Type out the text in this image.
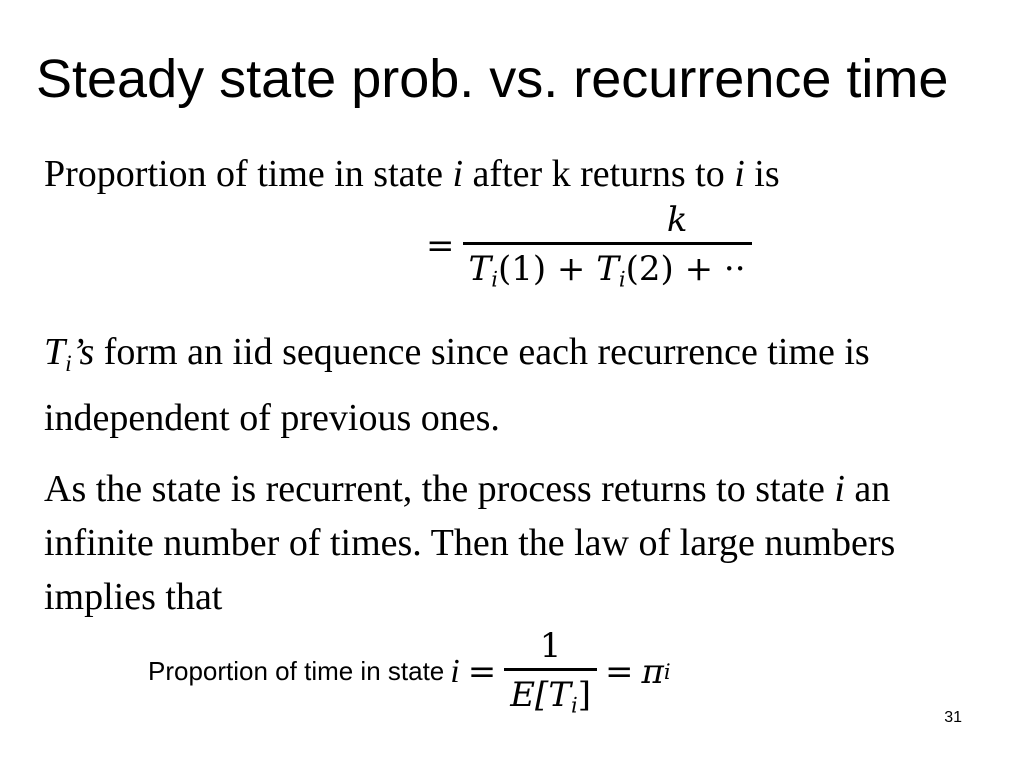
Steady state prob. vs. recurrence time

Proportion of time in state i after k returns to i is

= $\frac{k}{T_i(1) + T_i(2) + \cdot\cdot}$

$T_i’s$ form an iid sequence since each recurrence time is independent of previous ones.

As the state is recurrent, the process returns to state i an infinite number of times. Then the law of large numbers implies that

Proportion of time in state $i = \frac{1}{E[T_i]} = \pi$ i
31
